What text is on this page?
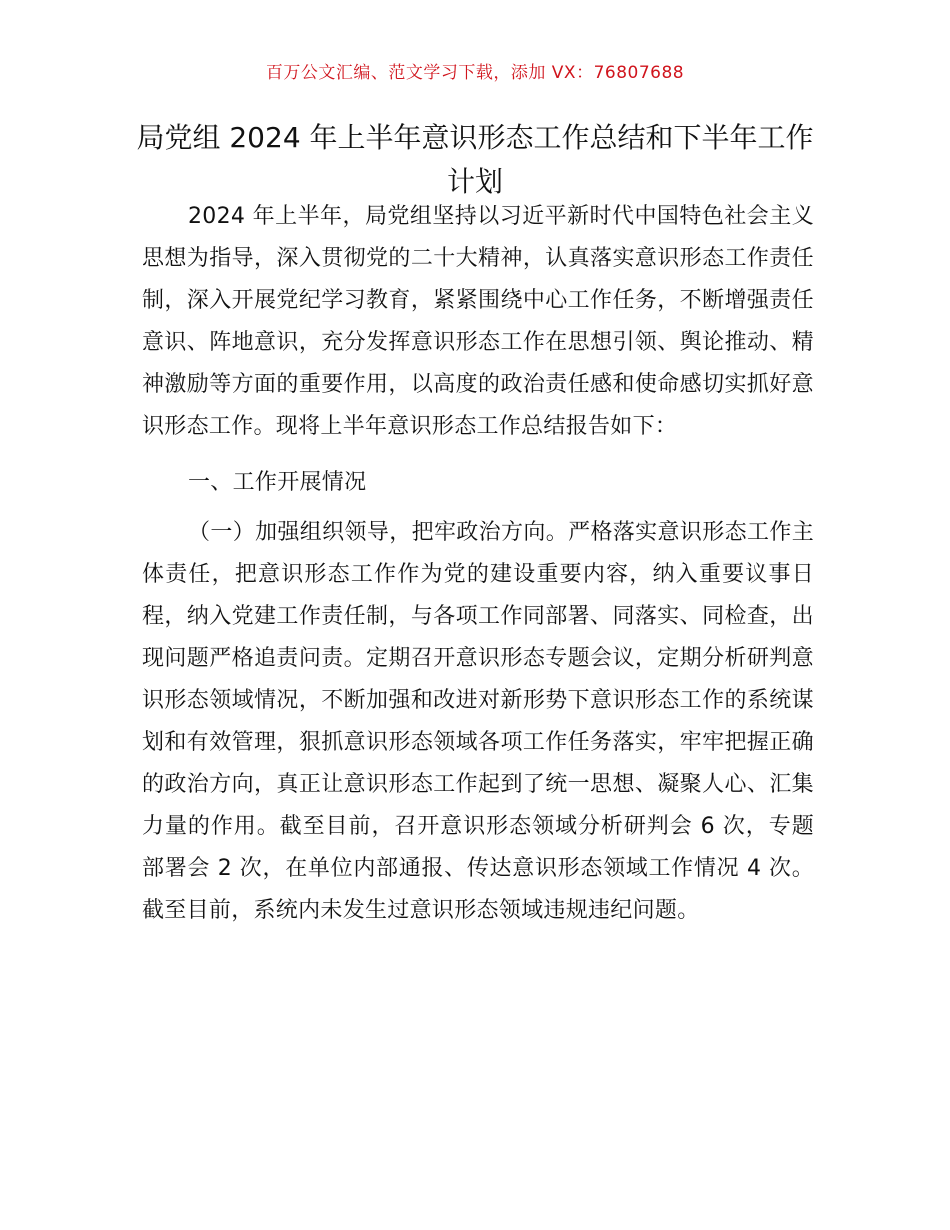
百万公文汇编、范文学习下载，添加 VX：76807688
局党组 2024 年上半年意识形态工作总结和下半年工作计划

2024 年上半年，局党组坚持以习近平新时代中国特色社会主义思想为指导，深入贯彻党的二十大精神，认真落实意识形态工作责任制，深入开展党纪学习教育，紧紧围绕中心工作任务，不断增强责任意识、阵地意识，充分发挥意识形态工作在思想引领、舆论推动、精神激励等方面的重要作用，以高度的政治责任感和使命感切实抓好意识形态工作。现将上半年意识形态工作总结报告如下：

一、工作开展情况

（一）加强组织领导，把牢政治方向。严格落实意识形态工作主体责任，把意识形态工作作为党的建设重要内容，纳入重要议事日程，纳入党建工作责任制，与各项工作同部署、同落实、同检查，出现问题严格追责问责。定期召开意识形态专题会议，定期分析研判意识形态领域情况，不断加强和改进对新形势下意识形态工作的系统谋划和有效管理，狠抓意识形态领域各项工作任务落实，牢牢把握正确的政治方向，真正让意识形态工作起到了统一思想、凝聚人心、汇集力量的作用。截至目前，召开意识形态领域分析研判会 6 次，专题部署会 2 次，在单位内部通报、传达意识形态领域工作情况 4 次。截至目前，系统内未发生过意识形态领域违规违纪问题。
